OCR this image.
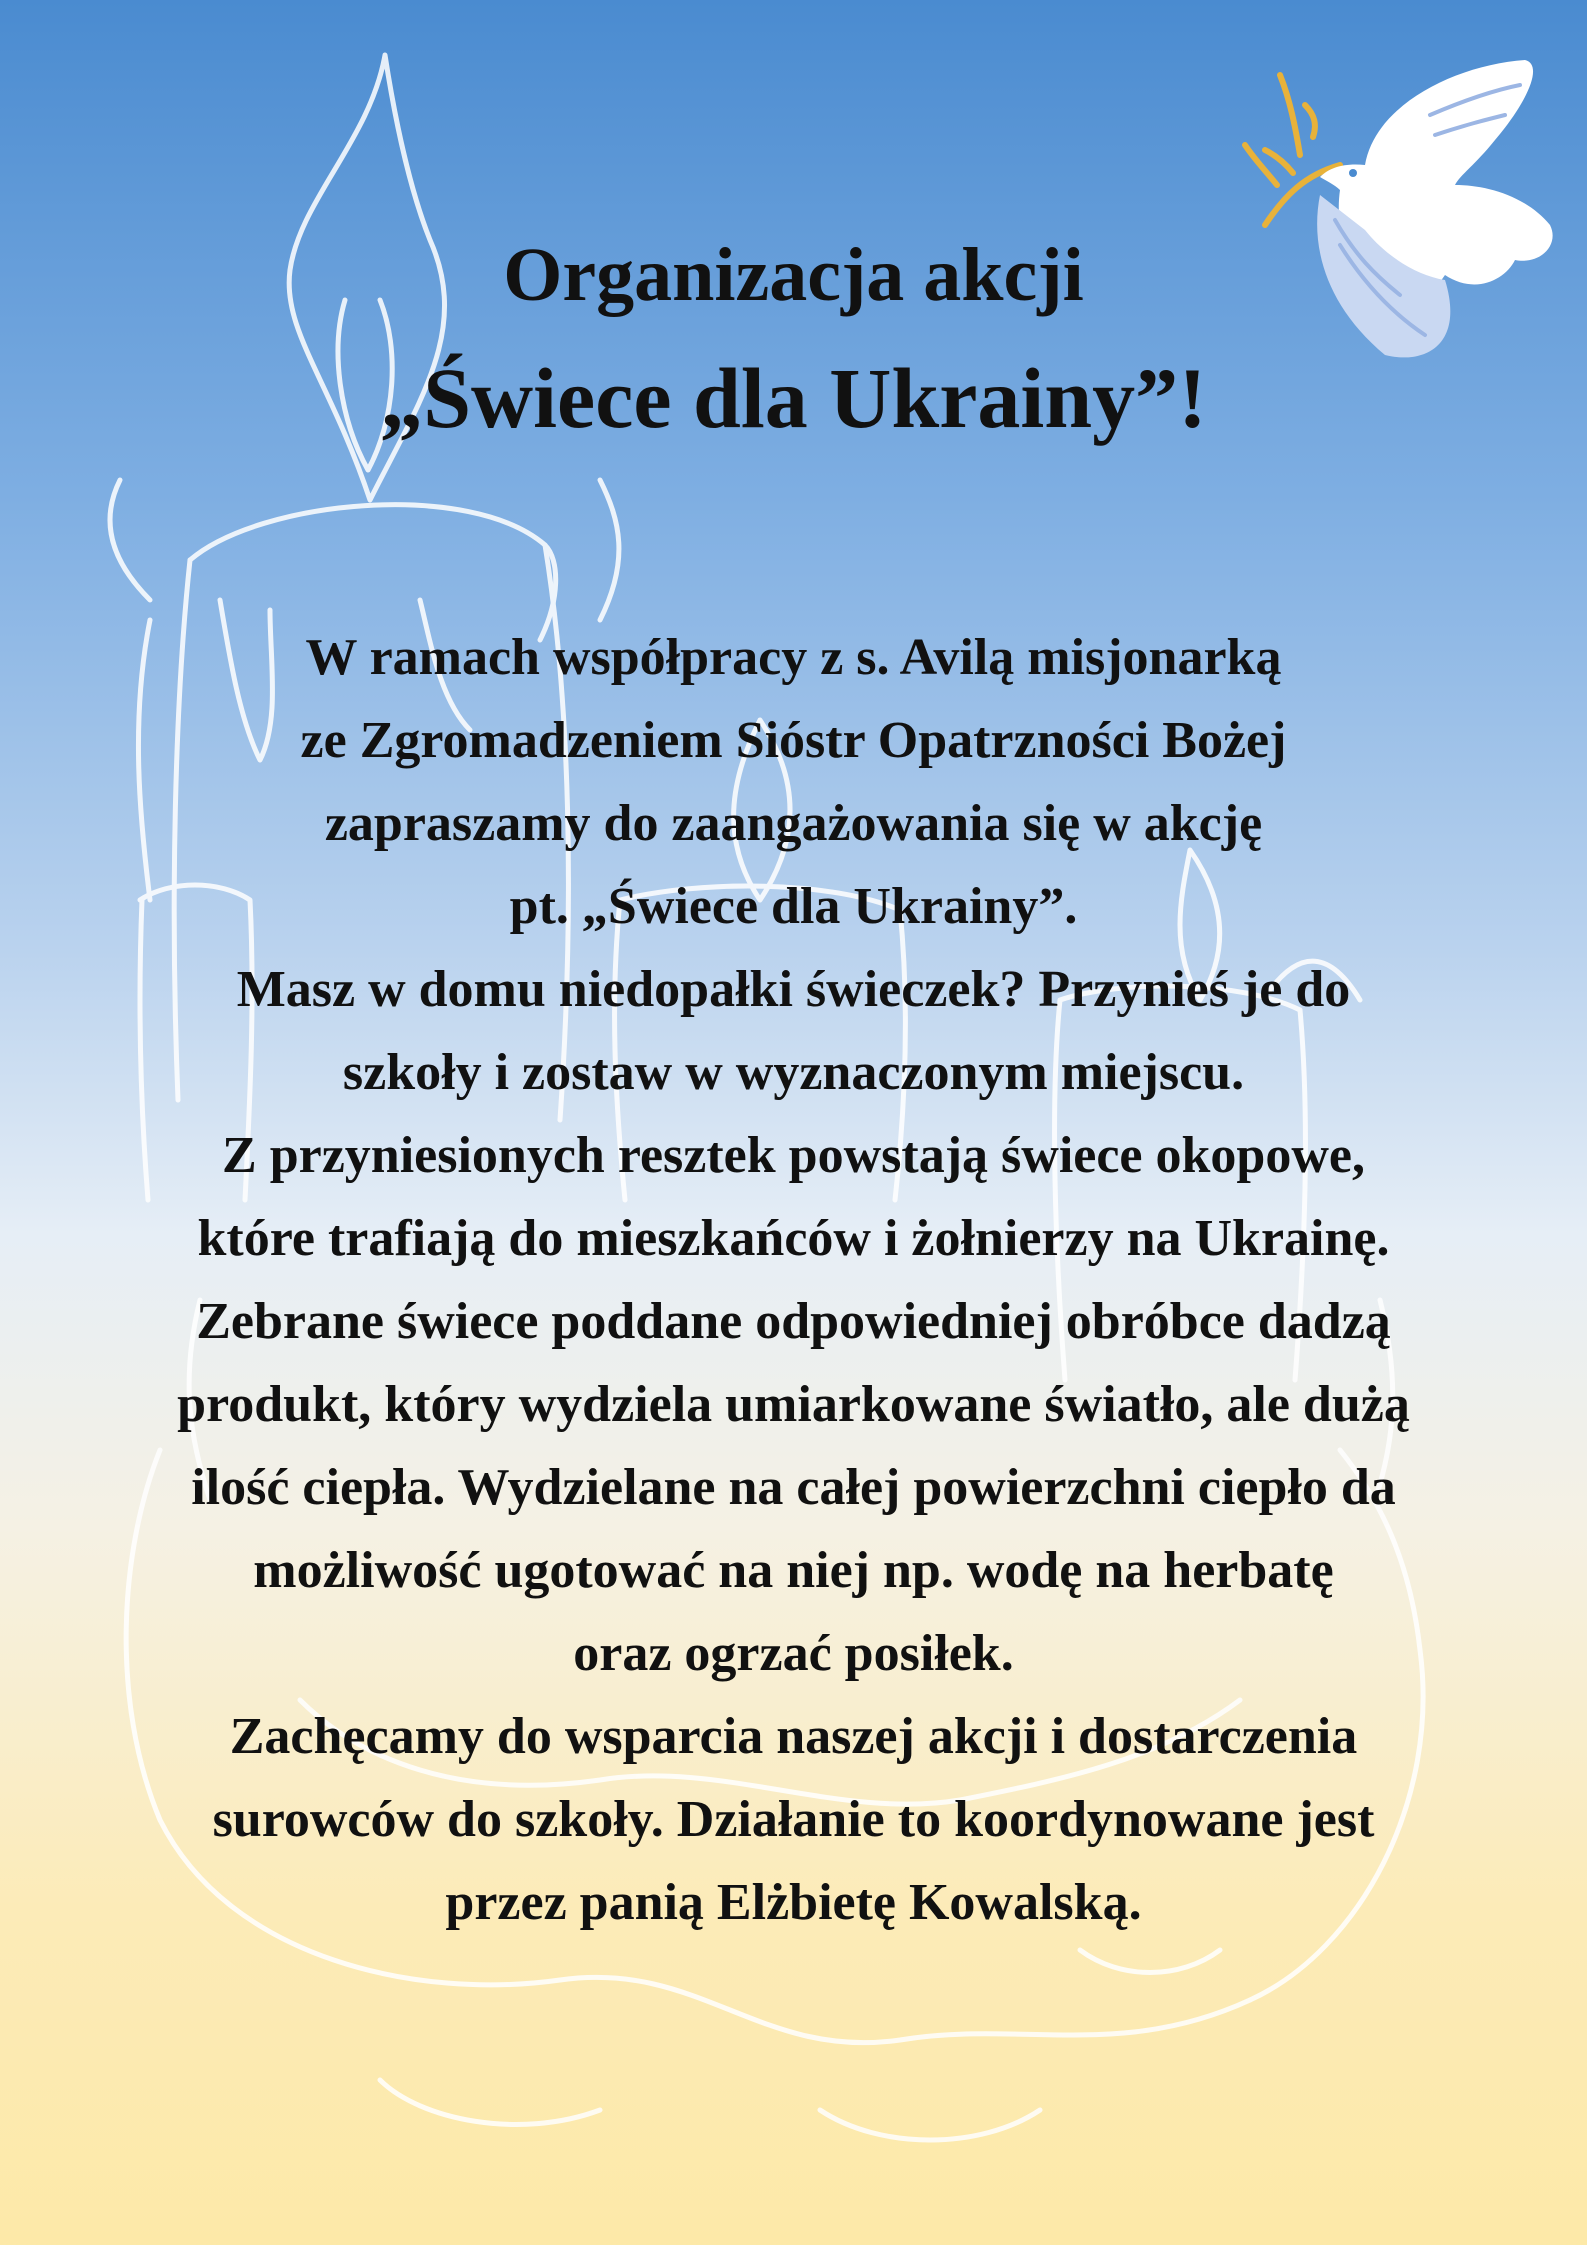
Organizacja akcji
„Świece dla Ukrainy”!

W ramach współpracy z s. Avilą misjonarką

ze Zgromadzeniem Sióstr Opatrzności Bożej

zapraszamy do zaangażowania się w akcję

pt. „Świece dla Ukrainy”.

Masz w domu niedopałki świeczek? Przynieś je do

szkoły i zostaw w wyznaczonym miejscu.

Z przyniesionych resztek powstają świece okopowe,

które trafiają do mieszkańców i żołnierzy na Ukrainę.

Zebrane świece poddane odpowiedniej obróbce dadzą

produkt, który wydziela umiarkowane światło, ale dużą

ilość ciepła. Wydzielane na całej powierzchni ciepło da

możliwość ugotować na niej np. wodę na herbatę

oraz ogrzać posiłek.

Zachęcamy do wsparcia naszej akcji i dostarczenia

surowców do szkoły. Działanie to koordynowane jest

przez panią Elżbietę Kowalską.
